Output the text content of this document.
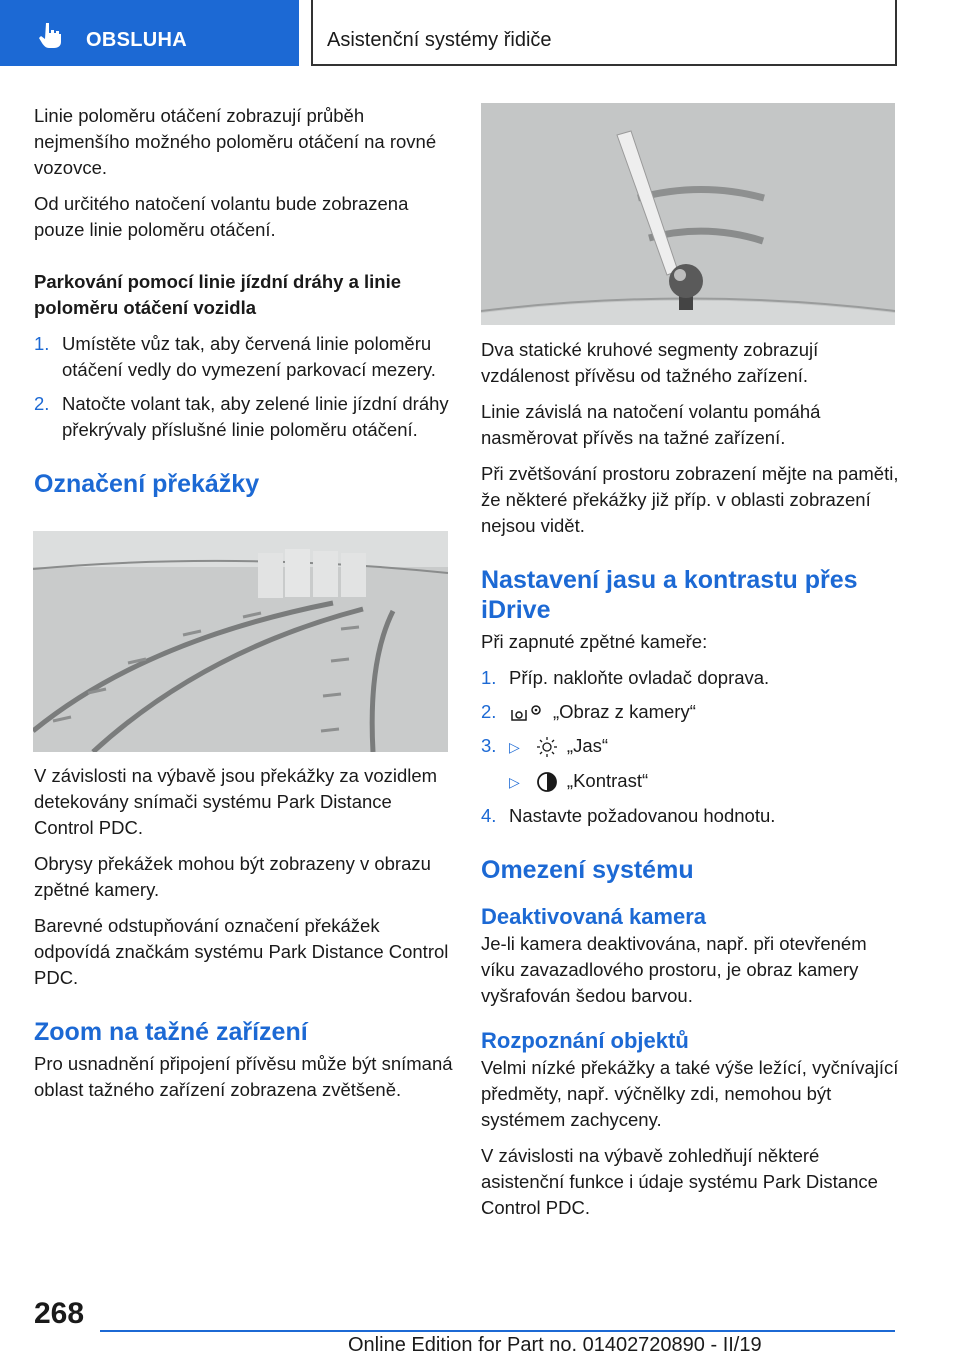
OBSLUHA	Asistenční systémy řidiče

Linie poloměru otáčení zobrazují průběh nejmenšího možného poloměru otáčení na rovné vozovce.

Od určitého natočení volantu bude zobrazena pouze linie poloměru otáčení.

Parkování pomocí linie jízdní dráhy a linie poloměru otáčení vozidla

1. Umístěte vůz tak, aby červená linie poloměru otáčení vedly do vymezení parkovací mezery.
2. Natočte volant tak, aby zelené linie jízdní dráhy překrývaly příslušné linie poloměru otáčení.
Označení překážky

V závislosti na výbavě jsou překážky za vozidlem detekovány snímači systému Park Distance Control PDC.

Obrysy překážek mohou být zobrazeny v obrazu zpětné kamery.

Barevné odstupňování označení překážek odpovídá značkám systému Park Distance Control PDC.

Zoom na tažné zařízení

Pro usnadnění připojení přívěsu může být snímaná oblast tažného zařízení zobrazena zvětšeně.

Dva statické kruhové segmenty zobrazují vzdálenost přívěsu od tažného zařízení.

Linie závislá na natočení volantu pomáhá nasměrovat přívěs na tažné zařízení.

Při zvětšování prostoru zobrazení mějte na paměti, že některé překážky již příp. v oblasti zobrazení nejsou vidět.

Nastavení jasu a kontrastu přes iDrive

Při zapnuté zpětné kameře:

1. Příp. nakloňte ovladač doprava.
2.	„Obraz z kamery“
3. ▷	„Jas“
▷	„Kontrast“
4. Nastavte požadovanou hodnotu.
Omezení systému
Deaktivovaná kamera

Je-li kamera deaktivována, např. při otevřeném víku zavazadlového prostoru, je obraz kamery vyšrafován šedou barvou.

Rozpoznání objektů

Velmi nízké překážky a také výše ležící, vyčnívající předměty, např. výčnělky zdi, nemohou být systémem zachyceny.

V závislosti na výbavě zohledňují některé asistenční funkce i údaje systému Park Distance Control PDC.

268
Online Edition for Part no. 01402720890 - II/19
